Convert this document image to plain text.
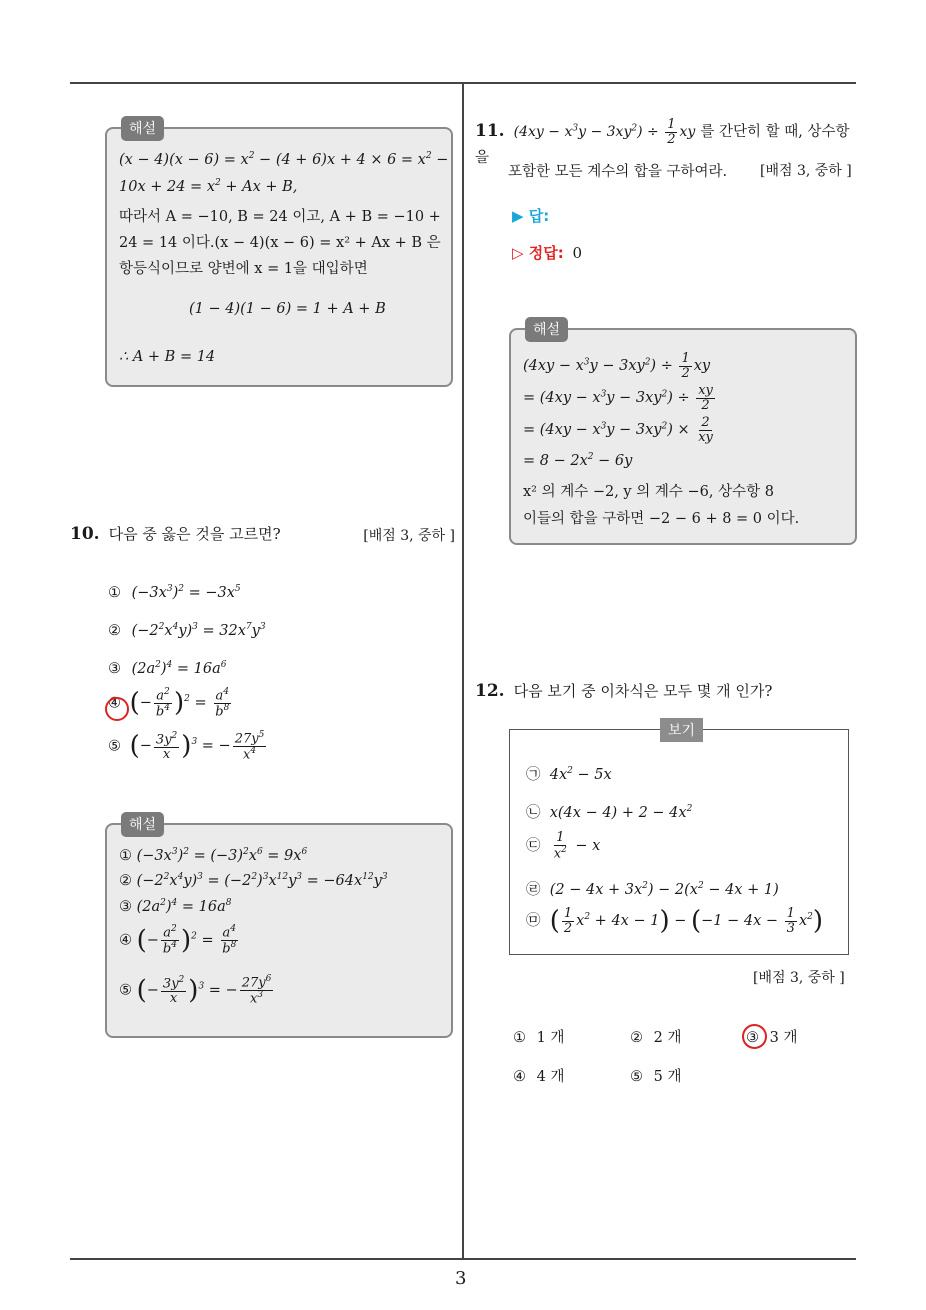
3
해설
$(x - 4)(x - 6) = x^2 - (4 + 6)x + 4 \times 6 = x^2$ −
$10x + 24 = x^2 + Ax + B$,
따라서 A = −10, B = 24 이고, A + B = −10 +
24 = 14 이다.(x − 4)(x − 6) = x² + Ax + B 은
항등식이므로 양변에 x = 1을 대입하면
(1 − 4)(1 − 6) = 1 + A + B
∴ A + B = 14
10. 다음 중 옳은 것을 고르면?	[배점 3, 중하 ]
① $(-3x^3)^2 = -3x^5$
② $(-2^2x^4y)^3 = 32x^7y^3$
③ $(2a^2)^4 = 16a^6$
④ (− $\frac{a^2}{b^4} )^2 = \frac{a^4}{b^8}$
⑤ (− $\frac{3y^2}{x} )^3$ = − $\frac{27y^5}{x^4}$
해설
① $(-3x^3)^2 = (-3)^2x^6 = 9x^6$
② $(-2^2x^4y)^3 = (-2^2)^3x^{12}y^3 = -64x^{12}y^3$
③ $(2a^2)^4 = 16a^8$
④ (− $\frac{a^2}{b^4} )^2 = \frac{a^4}{b^8}$
⑤ (− $\frac{3y^2}{x} )^3$ = − $\frac{27y^6}{x^3}$
11. $(4xy - x^3y - 3xy^2) \div \frac{1}{2}$ xy 를 간단히 할 때, 상수항을
포함한 모든 계수의 합을 구하여라. [배점 3, 중하 ]
▶ 답:
▷ 정답: 0
해설
$(4xy - x^3y - 3xy^2) \div \frac{1}{2}$ xy
= $(4xy - x^3y - 3xy^2) \div \frac{xy}{2}$
= $(4xy - x^3y - 3xy^2) \times \frac{2}{xy}$
= $8 - 2x^2 - 6y$
x² 의 계수 −2, y 의 계수 −6, 상수항 8
이들의 합을 구하면 −2 − 6 + 8 = 0 이다.
12. 다음 보기 중 이차식은 모두 몇 개 인가?
보기
㉠  $4x^2 - 5x$
㉡  $x(4x - 4) + 2 - 4x^2$
㉢ $\frac{1}{x^2} - x$
㉣  $(2 - 4x + 3x^2) - 2(x^2 - 4x + 1)$
㉤ ( $\frac{1}{2} x^2 + 4x - 1) - (-1 - 4x - \frac{1}{3} x^2)$
[배점 3, 중하 ]
① 1 개	② 2 개	③ 3 개
④ 4 개	⑤ 5 개
